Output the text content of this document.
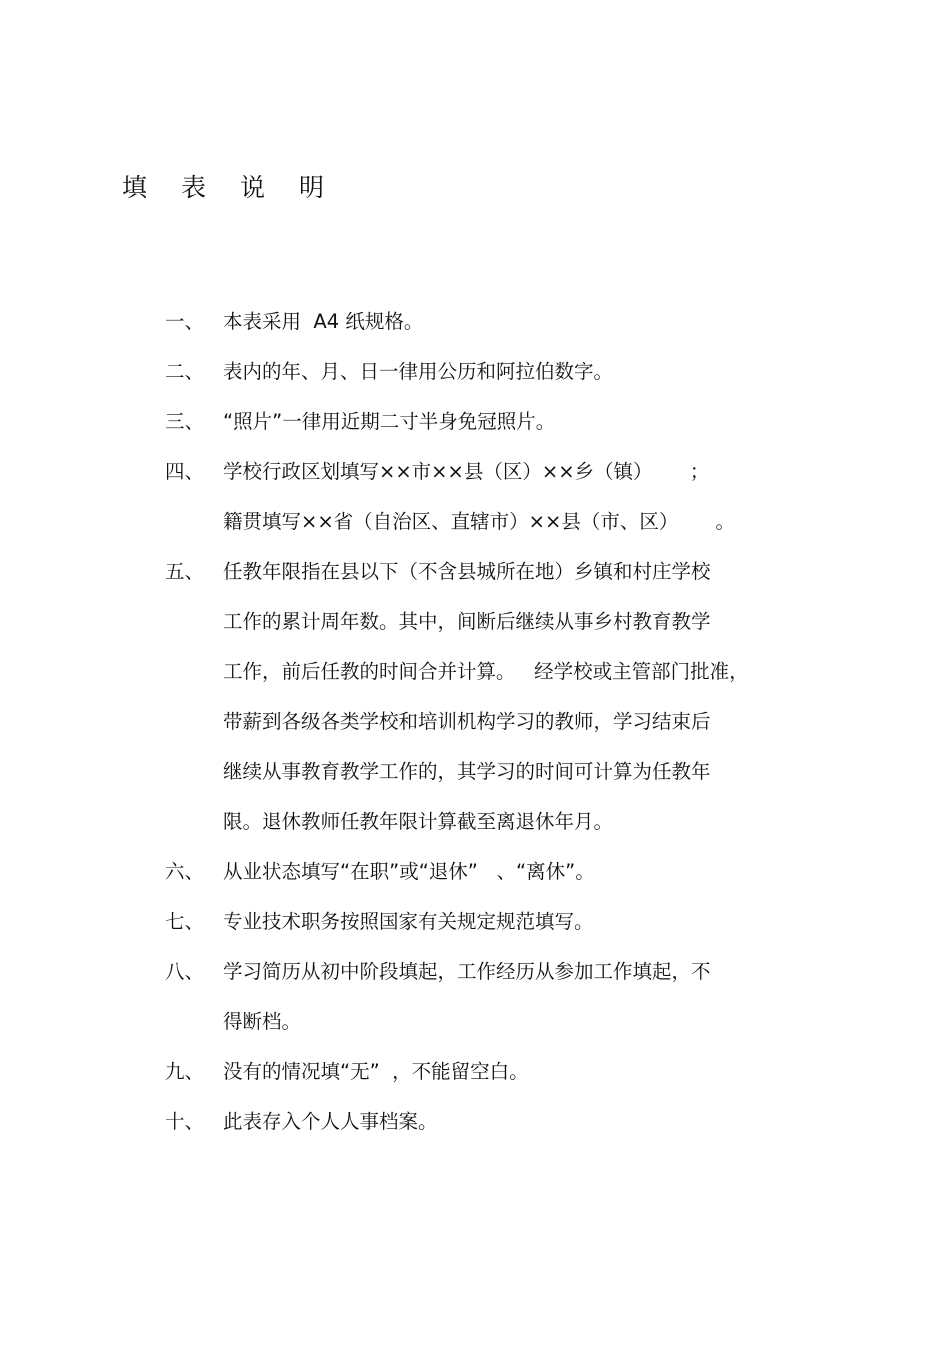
填表说明
一、 本表采用  A4 纸规格。
二、 表内的年、月、日一律用公历和阿拉伯数字。
三、 “照片”一律用近期二寸半身免冠照片。
四、 学校行政区划填写××市××县（区）××乡（镇）      ；
籍贯填写××省（自治区、直辖市）××县（市、区）      。
五、 任教年限指在县以下（不含县城所在地）乡镇和村庄学校
工作的累计周年数。其中，间断后继续从事乡村教育教学
工作，前后任教的时间合并计算。   经学校或主管部门批准，
带薪到各级各类学校和培训机构学习的教师，学习结束后
继续从事教育教学工作的，其学习的时间可计算为任教年
限。退休教师任教年限计算截至离退休年月。
六、 从业状态填写“在职”或“退休”   、“离休”。
七、 专业技术职务按照国家有关规定规范填写。
八、 学习简历从初中阶段填起，工作经历从参加工作填起，不
得断档。
九、 没有的情况填“无”  ，不能留空白。
十、 此表存入个人人事档案。
